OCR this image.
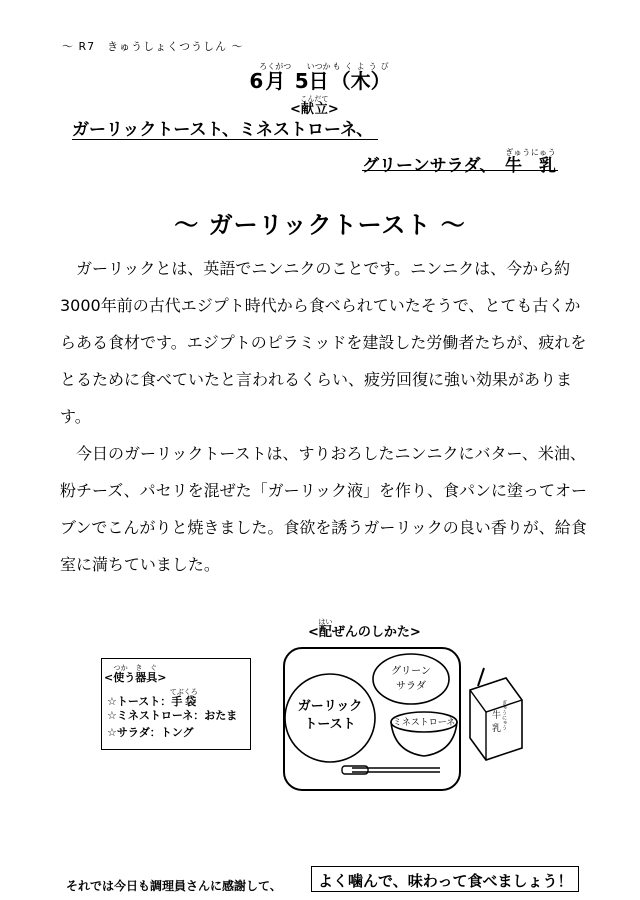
～ R7　きゅうしょくつうしん ～
6月ろくがつ 5日いつか（木）もくようび
<献立こんだて>
ガーリックトースト、ミネストローネ、
グリーンサラダ、　 牛　乳ぎゅうにゅう
～ ガーリックトースト ～

ガーリックとは、英語でニンニクのことです。ニンニクは、今から約3000年前の古代エジプト時代から食べられていたそうで、とても古くからある食材です。エジプトのピラミッドを建設した労働者たちが、疲れをとるために食べていたと言われるくらい、疲労回復に強い効果があります。

今日のガーリックトーストは、すりおろしたニンニクにバター、米油、粉チーズ、パセリを混ぜた「ガーリック液」を作り、食パンに塗ってオーブンでこんがりと焼きました。食欲を誘うガーリックの良い香りが、給食室に満ちていました。

<配はいぜんのしかた>
<使う器具つか　き　ぐ>
☆トースト：手袋てぶくろ
☆ミネストローネ：おたま
☆サラダ：トング
グリーン
サラダ
ガーリック
トースト	ミネストローネ
牛
乳 ぎゅうにゅう
それでは今日も調理員さんに感謝して、 よく噛んで、味わって食べましょう！
